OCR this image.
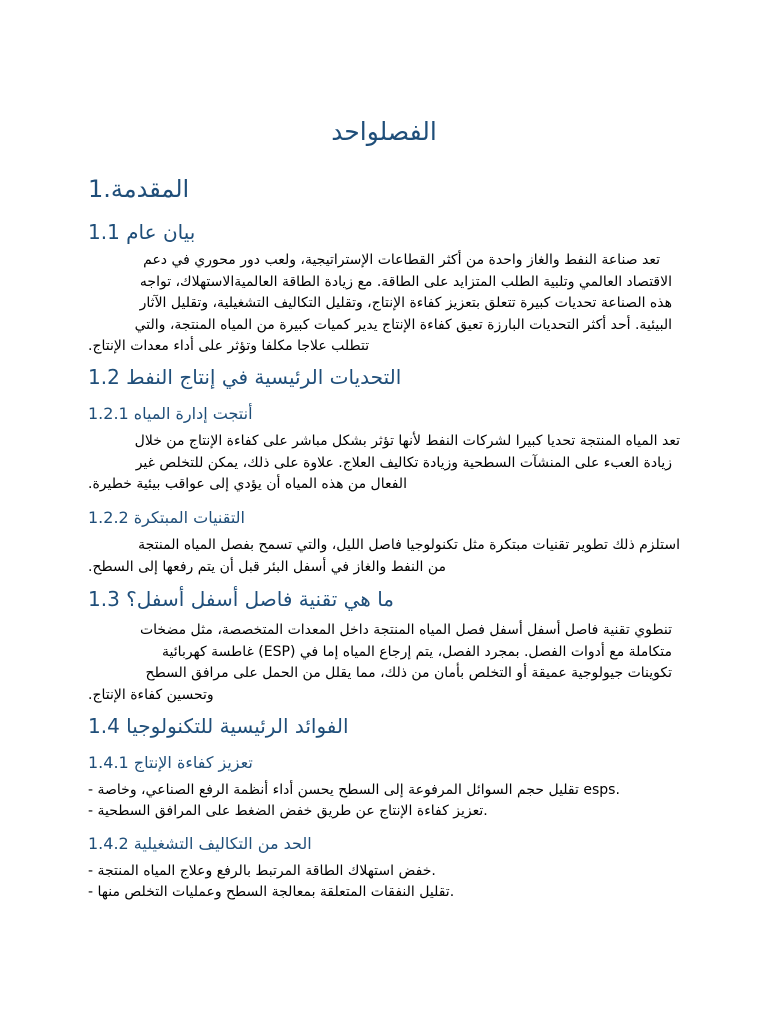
الفصلواحد
1.المقدمة
1.1 بيان عام
تعد صناعة النفط والغاز واحدة من أكثر القطاعات الإستراتيجية، ولعب دور محوري في دعم
الاقتصاد العالمي وتلبية الطلب المتزايد على الطاقة. مع زيادة الطاقة العالميةالاستهلاك، تواجه
هذه الصناعة تحديات كبيرة تتعلق بتعزيز كفاءة الإنتاج، وتقليل التكاليف التشغيلية، وتقليل الآثار
البيئية. أحد أكثر التحديات البارزة تعيق كفاءة الإنتاج يدير كميات كبيرة من المياه المنتجة، والتي
تتطلب علاجا مكلفا وتؤثر على أداء معدات الإنتاج.
1.2 التحديات الرئيسية في إنتاج النفط
1.2.1 أنتجت إدارة المياه
تعد المياه المنتجة تحديا كبيرا لشركات النفط لأنها تؤثر بشكل مباشر على كفاءة الإنتاج من خلال
زيادة العبء على المنشآت السطحية وزيادة تكاليف العلاج. علاوة على ذلك، يمكن للتخلص غير
الفعال من هذه المياه أن يؤدي إلى عواقب بيئية خطيرة.
1.2.2 التقنيات المبتكرة
استلزم ذلك تطوير تقنيات مبتكرة مثل تكنولوجيا فاصل الليل، والتي تسمح بفصل المياه المنتجة
من النفط والغاز في أسفل البئر قبل أن يتم رفعها إلى السطح.
1.3 ما هي تقنية فاصل أسفل أسفل؟
تنطوي تقنية فاصل أسفل أسفل فصل المياه المنتجة داخل المعدات المتخصصة، مثل مضخات
متكاملة مع أدوات الفصل. بمجرد الفصل، يتم إرجاع المياه إما في (ESP) غاطسة كهربائية
تكوينات جيولوجية عميقة أو التخلص بأمان من ذلك، مما يقلل من الحمل على مرافق السطح
وتحسين كفاءة الإنتاج.
1.4 الفوائد الرئيسية للتكنولوجيا
1.4.1 تعزيز كفاءة الإنتاج
- تقليل حجم السوائل المرفوعة إلى السطح يحسن أداء أنظمة الرفع الصناعي، وخاصة esps.
- تعزيز كفاءة الإنتاج عن طريق خفض الضغط على المرافق السطحية.
1.4.2 الحد من التكاليف التشغيلية
- خفض استهلاك الطاقة المرتبط بالرفع وعلاج المياه المنتجة.
- تقليل النفقات المتعلقة بمعالجة السطح وعمليات التخلص منها.
